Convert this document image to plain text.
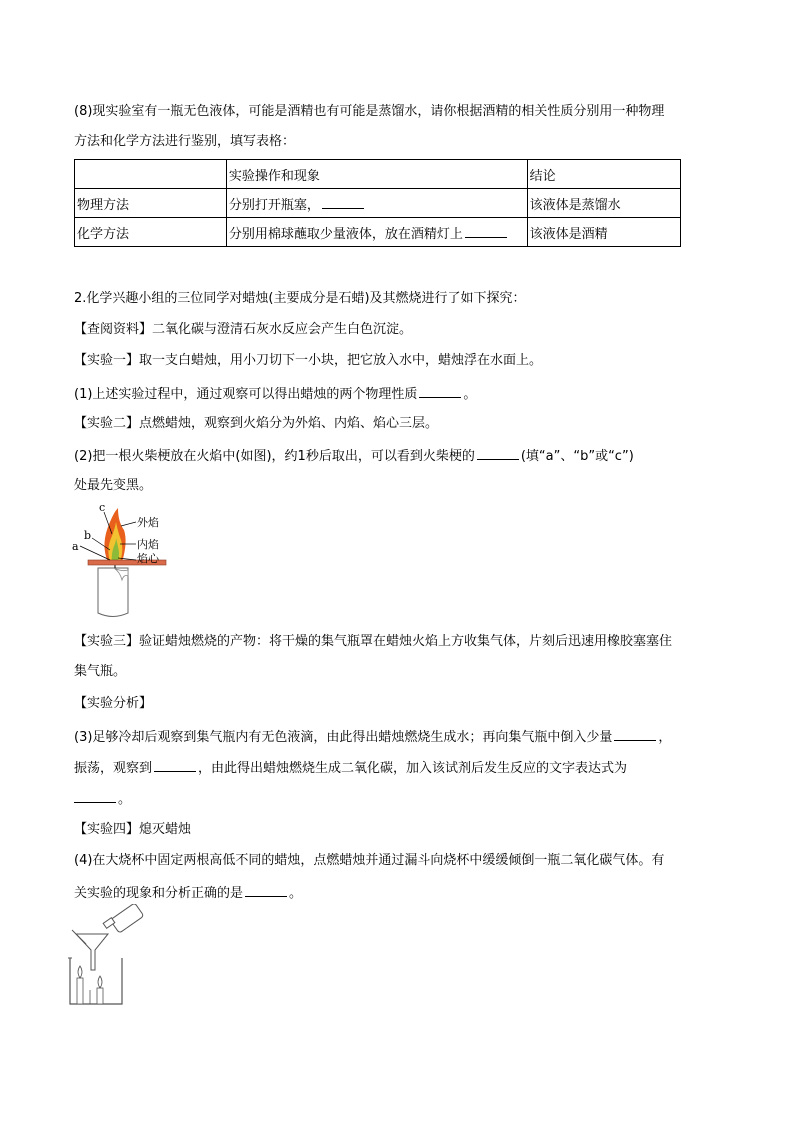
(8)现实验室有一瓶无色液体，可能是酒精也有可能是蒸馏水，请你根据酒精的相关性质分别用一种物理
方法和化学方法进行鉴别，填写表格：
	实验操作和现象	结论
物理方法	分别打开瓶塞，	该液体是蒸馏水
化学方法	分别用棉球蘸取少量液体，放在酒精灯上	该液体是酒精
2.化学兴趣小组的三位同学对蜡烛(主要成分是石蜡)及其燃烧进行了如下探究：
【查阅资料】二氧化碳与澄清石灰水反应会产生白色沉淀。
【实验一】取一支白蜡烛，用小刀切下一小块，把它放入水中，蜡烛浮在水面上。
(1)上述实验过程中，通过观察可以得出蜡烛的两个物理性质	。
【实验二】点燃蜡烛，观察到火焰分为外焰、内焰、焰心三层。
(2)把一根火柴梗放在火焰中(如图)，约1秒后取出，可以看到火柴梗的	(填“a”、“b”或“c”)
处最先变黑。
c
b
a
外焰
内焰
焰心
【实验三】验证蜡烛燃烧的产物：将干燥的集气瓶罩在蜡烛火焰上方收集气体，片刻后迅速用橡胶塞塞住
集气瓶。
【实验分析】
(3)足够冷却后观察到集气瓶内有无色液滴，由此得出蜡烛燃烧生成水；再向集气瓶中倒入少量	，
振荡，观察到	，由此得出蜡烛燃烧生成二氧化碳，加入该试剂后发生反应的文字表达式为
。
【实验四】熄灭蜡烛
(4)在大烧杯中固定两根高低不同的蜡烛，点燃蜡烛并通过漏斗向烧杯中缓缓倾倒一瓶二氧化碳气体。有
关实验的现象和分析正确的是	。
